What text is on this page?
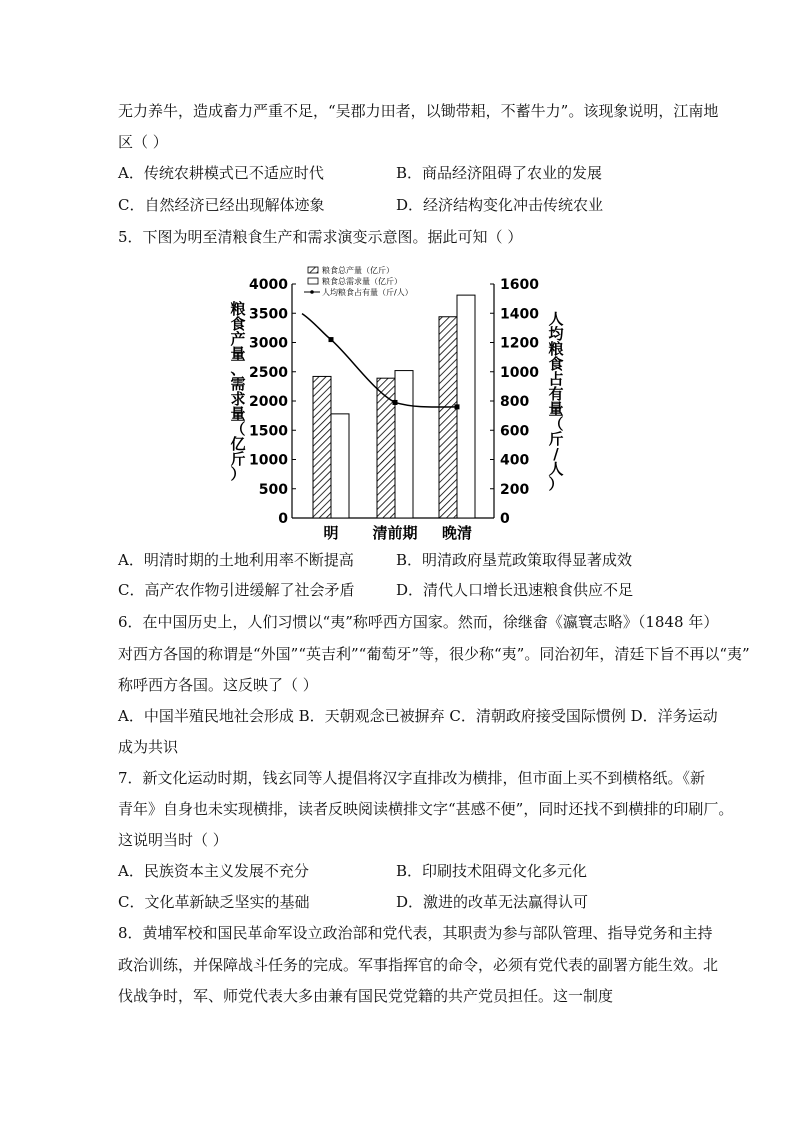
无力养牛，造成畜力严重不足，“吴郡力田者，以锄带耜，不蓄牛力”。该现象说明，江南地
区（ ）
A．传统农耕模式已不适应时代	B．商品经济阻碍了农业的发展
C．自然经济已经出现解体迹象	D．经济结构变化冲击传统农业
5．下图为明至清粮食生产和需求演变示意图。据此可知（ ）
粮食总产量（亿斤）
粮食总需求量（亿斤）
人均粮食占有量（斤/人）
0
500
1000
1500
2000
2500
3000
3500
4000
0
200
400
600
800
1000
1200
1400
1600
明 清前期 晚清
粮
食
产
量
、
需
求
量
（
亿
斤
）
人
均
粮
食
占
有
量
（
斤
/
人
）
A．明清时期的土地利用率不断提高	B．明清政府垦荒政策取得显著成效
C．高产农作物引进缓解了社会矛盾	D．清代人口增长迅速粮食供应不足
6．在中国历史上，人们习惯以“夷”称呼西方国家。然而，徐继畲《瀛寰志略》（1848 年）
对西方各国的称谓是“外国”“英吉利”“葡萄牙”等，很少称“夷”。同治初年，清廷下旨不再以“夷”
称呼西方各国。这反映了（ ）
A．中国半殖民地社会形成 B．天朝观念已被摒弃 C．清朝政府接受国际惯例 D．洋务运动
成为共识
7．新文化运动时期，钱玄同等人提倡将汉字直排改为横排，但市面上买不到横格纸。《新
青年》自身也未实现横排，读者反映阅读横排文字“甚感不便”，同时还找不到横排的印刷厂。
这说明当时（ ）
A．民族资本主义发展不充分	B．印刷技术阻碍文化多元化
C．文化革新缺乏坚实的基础	D．激进的改革无法赢得认可
8．黄埔军校和国民革命军设立政治部和党代表，其职责为参与部队管理、指导党务和主持
政治训练，并保障战斗任务的完成。军事指挥官的命令，必须有党代表的副署方能生效。北
伐战争时，军、师党代表大多由兼有国民党党籍的共产党员担任。这一制度
